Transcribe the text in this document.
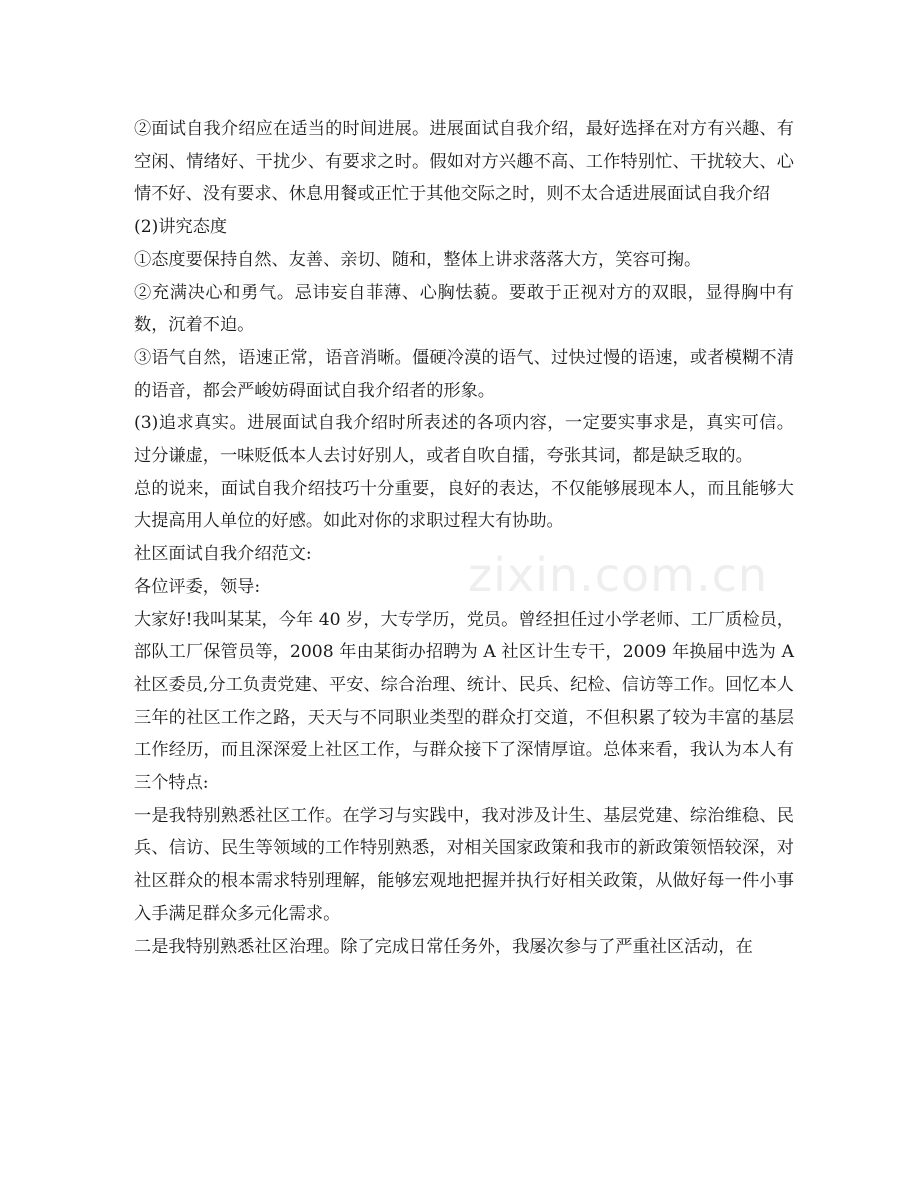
②面试自我介绍应在适当的时间进展。进展面试自我介绍，最好选择在对方有兴趣、有空闲、情绪好、干扰少、有要求之时。假如对方兴趣不高、工作特别忙、干扰较大、心情不好、没有要求、休息用餐或正忙于其他交际之时，则不太合适进展面试自我介绍

(2)讲究态度

①态度要保持自然、友善、亲切、随和，整体上讲求落落大方，笑容可掬。

②充满决心和勇气。忌讳妄自菲薄、心胸怯藐。要敢于正视对方的双眼，显得胸中有数，沉着不迫。

③语气自然，语速正常，语音消晰。僵硬冷漠的语气、过快过慢的语速，或者模糊不清的语音，都会严峻妨碍面试自我介绍者的形象。

(3)追求真实。进展面试自我介绍时所表述的各项内容，一定要实事求是，真实可信。过分谦虚，一味贬低本人去讨好别人，或者自吹自擂，夸张其词，都是缺乏取的。

总的说来，面试自我介绍技巧十分重要，良好的表达，不仅能够展现本人，而且能够大大提高用人单位的好感。如此对你的求职过程大有协助。

社区面试自我介绍范文:

各位评委，领导:

大家好!我叫某某，今年 40 岁，大专学历，党员。曾经担任过小学老师、工厂质检员，部队工厂保管员等，2008 年由某街办招聘为 A 社区计生专干，2009 年换届中选为 A 社区委员,分工负责党建、平安、综合治理、统计、民兵、纪检、信访等工作。回忆本人三年的社区工作之路，天天与不同职业类型的群众打交道，不但积累了较为丰富的基层工作经历，而且深深爱上社区工作，与群众接下了深情厚谊。总体来看，我认为本人有三个特点:

一是我特别熟悉社区工作。在学习与实践中，我对涉及计生、基层党建、综治维稳、民兵、信访、民生等领域的工作特别熟悉，对相关国家政策和我市的新政策领悟较深，对社区群众的根本需求特别理解，能够宏观地把握并执行好相关政策，从做好每一件小事入手满足群众多元化需求。

二是我特别熟悉社区治理。除了完成日常任务外，我屡次参与了严重社区活动，在

zixin.com.cn
